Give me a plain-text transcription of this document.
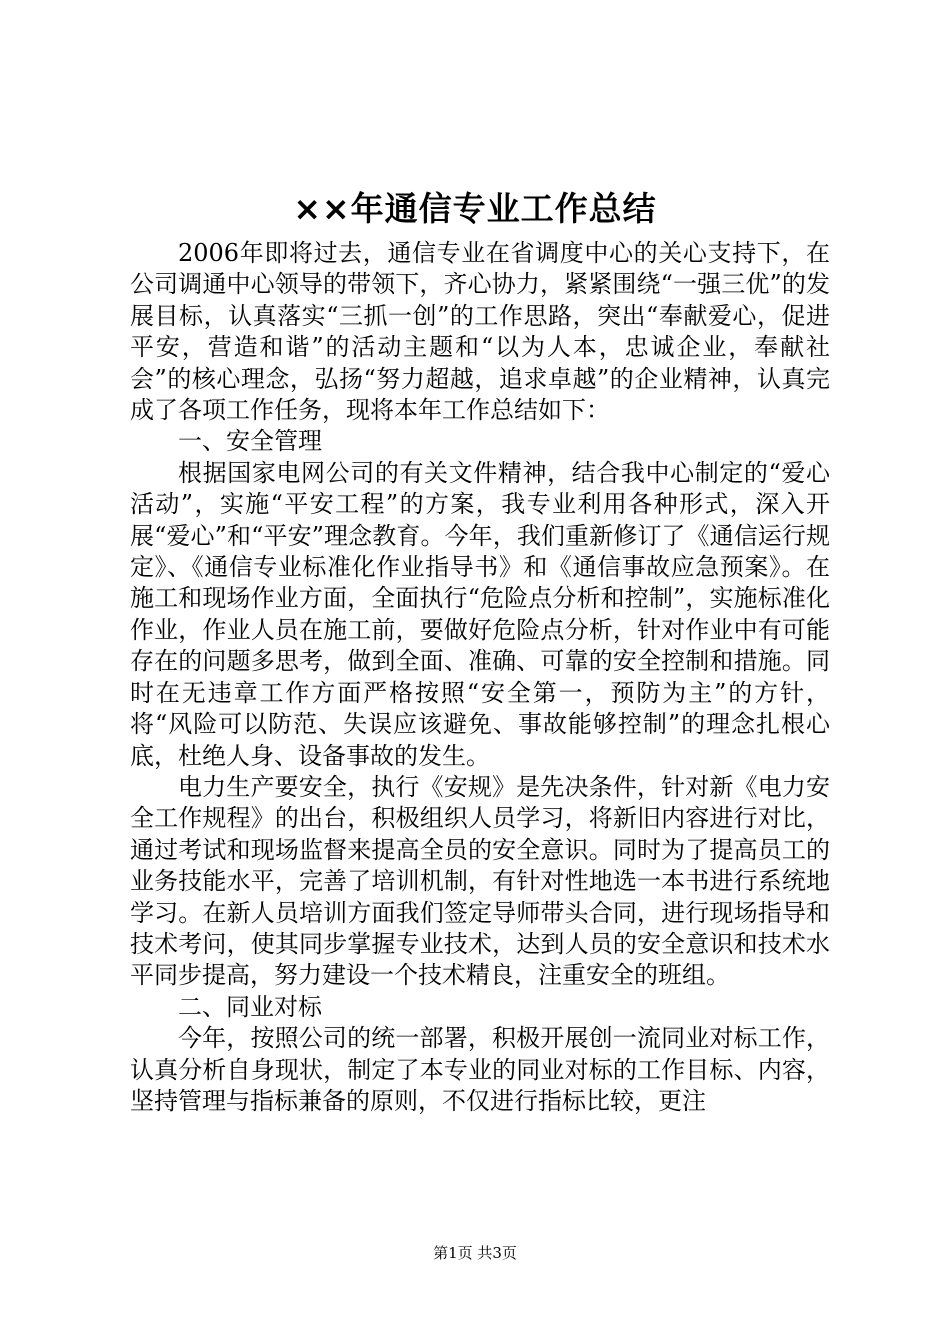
××年通信专业工作总结

2006年即将过去，通信专业在省调度中心的关心支持下，在公司调通中心领导的带领下，齐心协力，紧紧围绕“一强三优”的发展目标，认真落实“三抓一创”的工作思路，突出“奉献爱心，促进平安，营造和谐”的活动主题和“以为人本，忠诚企业，奉献社会”的核心理念，弘扬“努力超越，追求卓越”的企业精神，认真完成了各项工作任务，现将本年工作总结如下：

一、安全管理

根据国家电网公司的有关文件精神，结合我中心制定的“爱心活动”，实施“平安工程”的方案，我专业利用各种形式，深入开展“爱心”和“平安”理念教育。今年，我们重新修订了《通信运行规定》、《通信专业标准化作业指导书》和《通信事故应急预案》。在施工和现场作业方面，全面执行“危险点分析和控制”，实施标准化作业，作业人员在施工前，要做好危险点分析，针对作业中有可能存在的问题多思考，做到全面、准确、可靠的安全控制和措施。同时在无违章工作方面严格按照“安全第一，预防为主”的方针，将“风险可以防范、失误应该避免、事故能够控制”的理念扎根心底，杜绝人身、设备事故的发生。

电力生产要安全，执行《安规》是先决条件，针对新《电力安全工作规程》的出台，积极组织人员学习，将新旧内容进行对比，通过考试和现场监督来提高全员的安全意识。同时为了提高员工的业务技能水平，完善了培训机制，有针对性地选一本书进行系统地学习。在新人员培训方面我们签定导师带头合同，进行现场指导和技术考问，使其同步掌握专业技术，达到人员的安全意识和技术水平同步提高，努力建设一个技术精良，注重安全的班组。

二、同业对标

今年，按照公司的统一部署，积极开展创一流同业对标工作，认真分析自身现状，制定了本专业的同业对标的工作目标、内容，坚持管理与指标兼备的原则，不仅进行指标比较，更注

第1页 共3页
